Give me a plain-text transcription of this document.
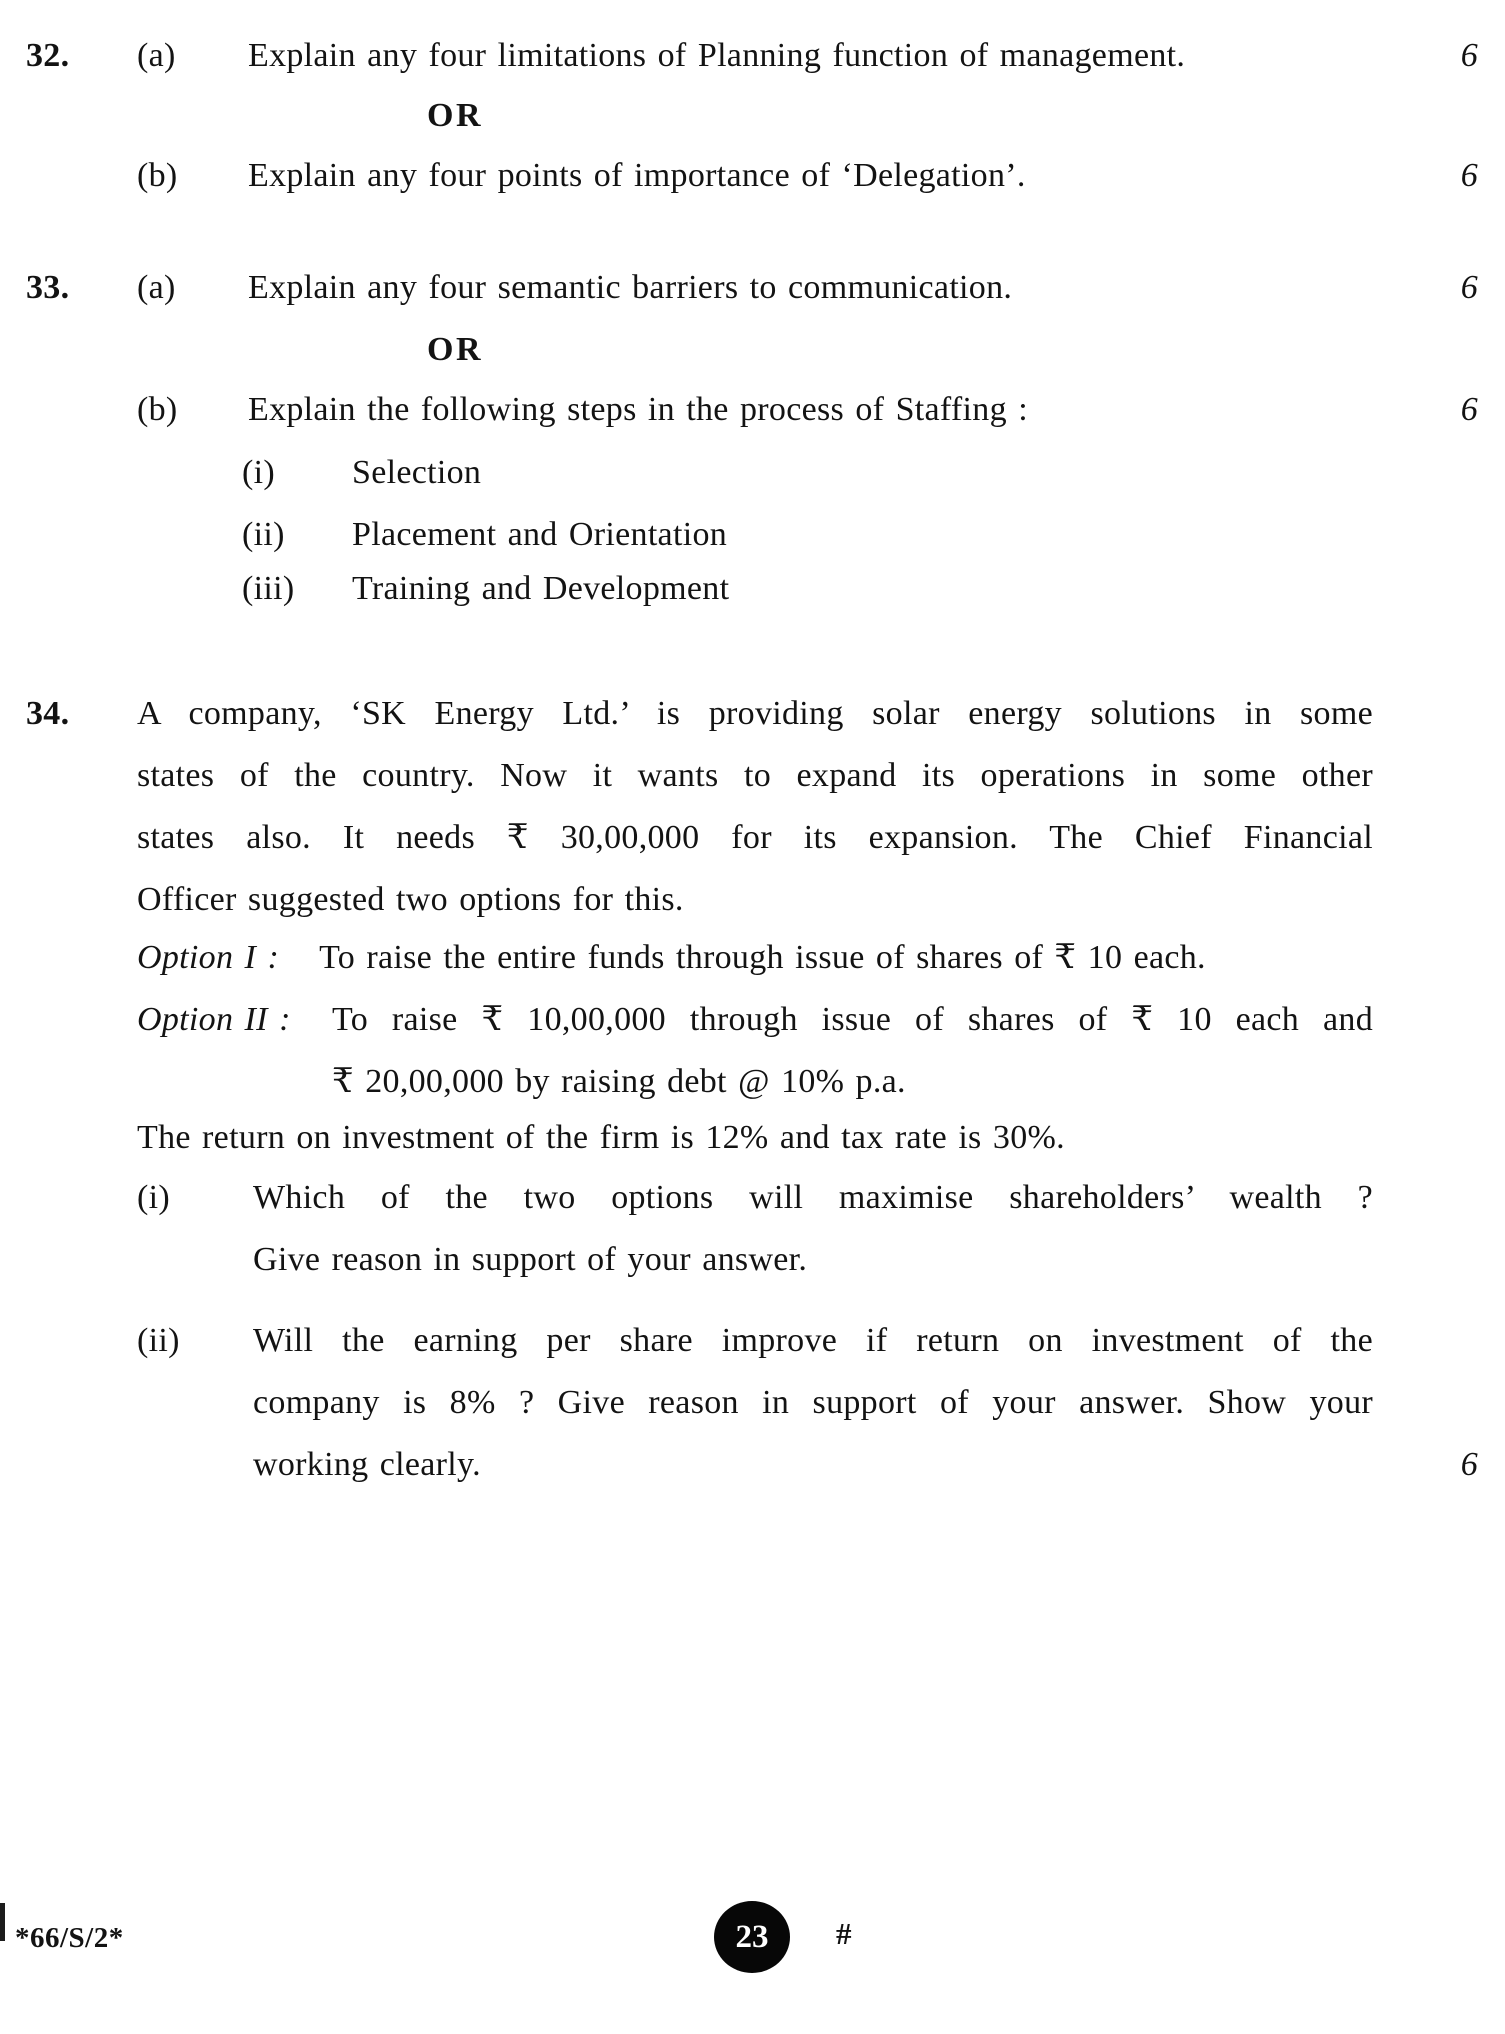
32. (a) Explain any four limitations of Planning function of management.	6
OR
(b) Explain any four points of importance of ‘Delegation’.	6
33. (a) Explain any four semantic barriers to communication.	6
OR
(b) Explain the following steps in the process of Staffing :	6
(i) Selection
(ii) Placement and Orientation
(iii) Training and Development
34. A company, ‘SK Energy Ltd.’ is providing solar energy solutions in some
states of the country. Now it wants to expand its operations in some other
states also. It needs ₹ 30,00,000 for its expansion. The Chief Financial
Officer suggested two options for this.
Option I : To raise the entire funds through issue of shares of ₹ 10 each.
Option II : To raise ₹ 10,00,000 through issue of shares of ₹ 10 each and
₹ 20,00,000 by raising debt @ 10% p.a.
The return on investment of the firm is 12% and tax rate is 30%.
(i) Which of the two options will maximise shareholders’ wealth ?
Give reason in support of your answer.
(ii) Will the earning per share improve if return on investment of the
company is 8% ? Give reason in support of your answer. Show your
working clearly.	6
*66/S/2*	23	#
